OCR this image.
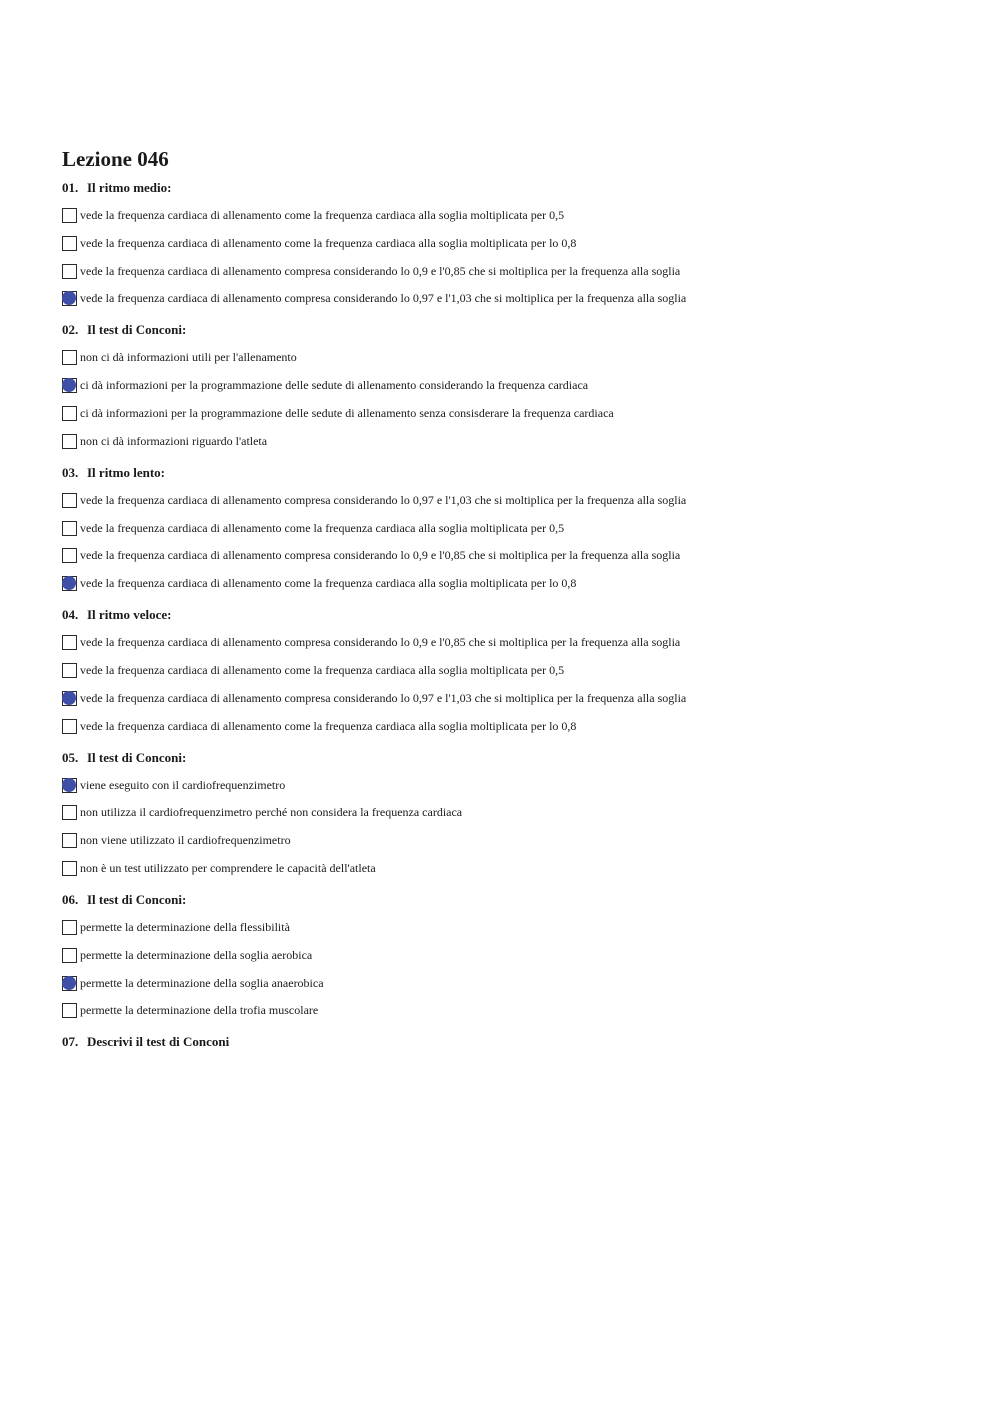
Lezione 046
01. Il ritmo medio:
vede la frequenza cardiaca di allenamento come la frequenza cardiaca alla soglia moltiplicata per 0,5
vede la frequenza cardiaca di allenamento come la frequenza cardiaca alla soglia moltiplicata per lo 0,8
vede la frequenza cardiaca di allenamento compresa considerando lo 0,9 e l'0,85 che si moltiplica per la frequenza alla soglia
vede la frequenza cardiaca di allenamento compresa considerando lo 0,97 e l'1,03 che si moltiplica per la frequenza alla soglia
02. Il test di Conconi:
non ci dà informazioni utili per l'allenamento
ci dà informazioni per la programmazione delle sedute di allenamento considerando la frequenza cardiaca
ci dà informazioni per la programmazione delle sedute di allenamento senza consisderare la frequenza cardiaca
non ci dà informazioni riguardo l'atleta
03. Il ritmo lento:
vede la frequenza cardiaca di allenamento compresa considerando lo 0,97 e l'1,03 che si moltiplica per la frequenza alla soglia
vede la frequenza cardiaca di allenamento come la frequenza cardiaca alla soglia moltiplicata per 0,5
vede la frequenza cardiaca di allenamento compresa considerando lo 0,9 e l'0,85 che si moltiplica per la frequenza alla soglia
vede la frequenza cardiaca di allenamento come la frequenza cardiaca alla soglia moltiplicata per lo 0,8
04. Il ritmo veloce:
vede la frequenza cardiaca di allenamento compresa considerando lo 0,9 e l'0,85 che si moltiplica per la frequenza alla soglia
vede la frequenza cardiaca di allenamento come la frequenza cardiaca alla soglia moltiplicata per 0,5
vede la frequenza cardiaca di allenamento compresa considerando lo 0,97 e l'1,03 che si moltiplica per la frequenza alla soglia
vede la frequenza cardiaca di allenamento come la frequenza cardiaca alla soglia moltiplicata per lo 0,8
05. Il test di Conconi:
viene eseguito con il cardiofrequenzimetro
non utilizza il cardiofrequenzimetro perché non considera la frequenza cardiaca
non viene utilizzato il cardiofrequenzimetro
non è un test utilizzato per comprendere le capacità dell'atleta
06. Il test di Conconi:
permette la determinazione della flessibilità
permette la determinazione della soglia aerobica
permette la determinazione della soglia anaerobica
permette la determinazione della trofia muscolare
07. Descrivi il test di Conconi
